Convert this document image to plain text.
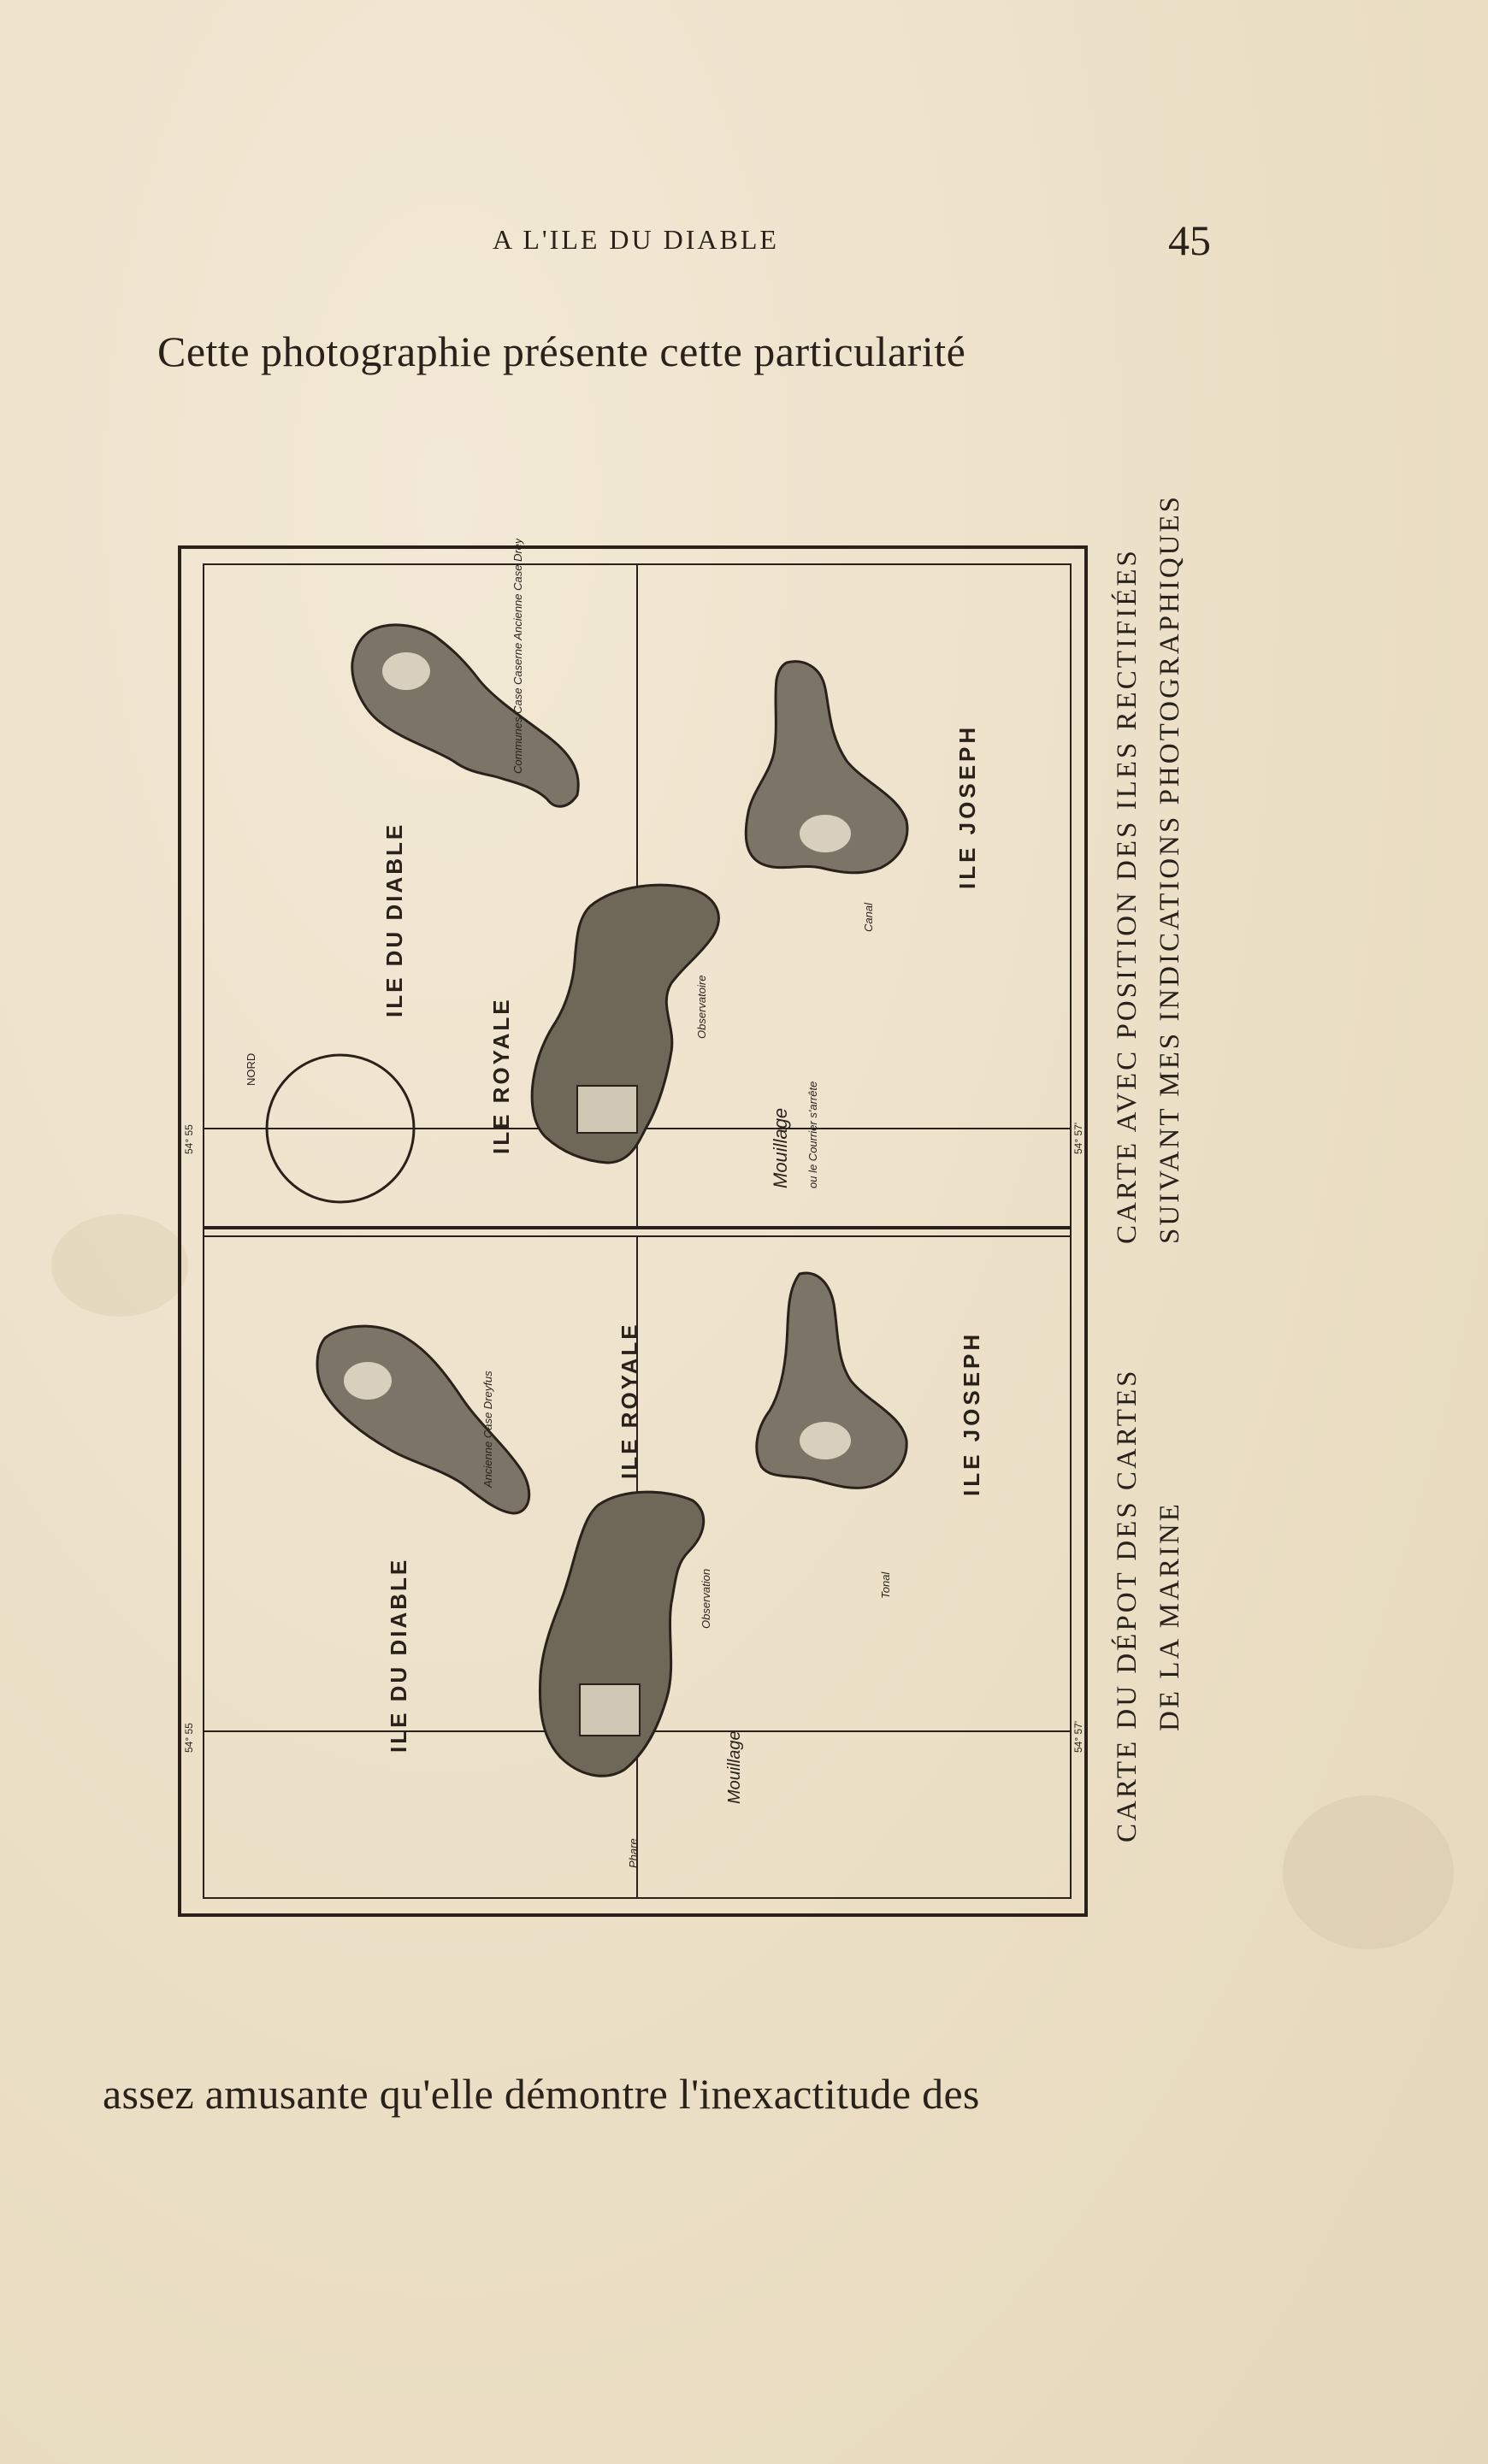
A L'ILE DU DIABLE	45
Cette photographie présente cette particularité
NORD	ILE ROYALE
ILE DU DIABLE
ILE JOSEPH
Communes Case Caserne Ancienne Case Dreyfus
Observatoire
Mouillage ou le Courrier s'arrête
Canal
54° 55	54° 57'
ILE DU DIABLE
ILE ROYALE	ILE JOSEPH
Ancienne Case Dreyfus
Observation
Mouillage
Tonal
Phare
54° 55	54° 57' CARTE DU DÉPOT DES CARTES DE LA MARINE
CARTE AVEC POSITION DES ILES RECTIFIÉES SUIVANT MES INDICATIONS PHOTOGRAPHIQUES
assez amusante qu'elle démontre l'inexactitude des
